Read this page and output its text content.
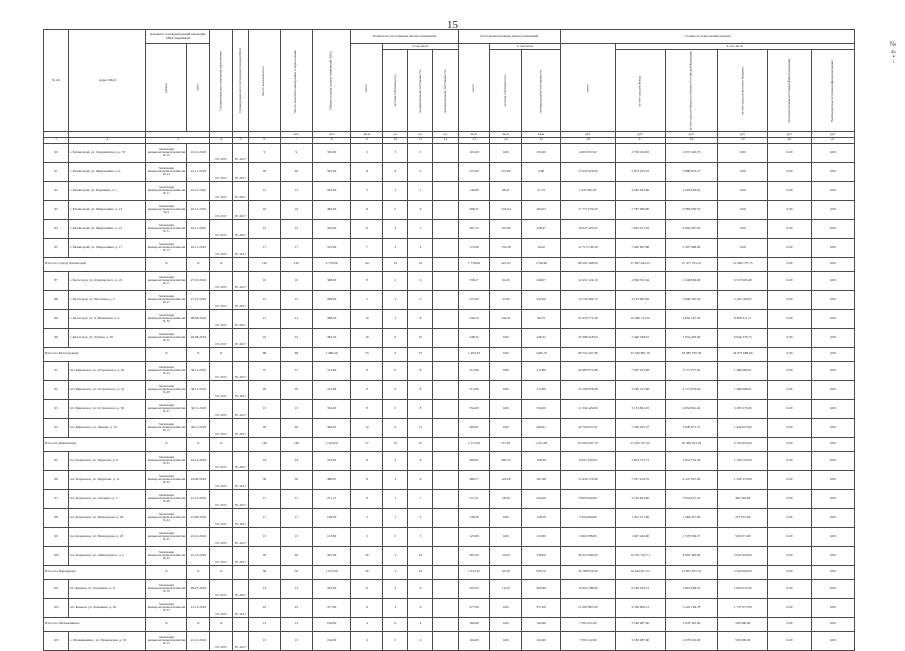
15
№ 4 • ~
№ п/п	Адрес МКД	Документ, подтверждающий признание МКД аварийным		Планируемая дата окончания переселения	Планируемая дата сноса/реконструкции МКД	Число жителей всего	Число жителей планируемых к переселению	Общая площадь жилых помещений МКД	Количество расселяемых жилых помещений				Расселяемая площадь жилых помещений			Стоимость переселения граждан					
		Номер	Дата						всего	в том числе			всего	в том числе		всего	в том числе				
										частная собственность	муниципальная собственность	муниципальная собственность		частная собственность	муниципальная собственность		за счет средств Фонда	за счет средств бюджета субъекта Российской Федерации	за счет средств местного бюджета	Дополнительные источники финансирования	Внебюджетные источники финансирования
							чел.	чел.	кв.м	ед.	ед.	ед.	кв.м	кв.м	кв.м	руб.	руб.	руб.	руб.	руб.	руб.
1	2	3		4	5	6	7	8	9	10	11	12	13	14	15	16	17	18	19	20	21
90	г. Бахчисарай, ул. Дзержинского, д. 76	Заключение межведомственной комиссии № 10	01.11.2016	IV. 2017	IV. 2017	9	9	356,90	3	3	0		163,60	0,00	163,60	4 665 837,62	2 728 410,83	1 937 426,79	0,00	0,00	0,00
91	г. Бахчисарай, ул. Мирошника, д. 6	Заключение межведомственной комиссии № 24	01.11.2016	IV. 2017	IV. 2017	26	26	563,00	8	8	0		272,00	272,00	0,00	11 635 616,06	5 673 165,25	2 888 872,27	0,00	0,00	0,00
92	г. Бахчисарай, ул. Радищева, д. 1	Заключение межведомственной комиссии № 11	01.11.2016	IV. 2017	IV. 2017	15	15	292,00	3	2	1		149,80	98,47	51,33	5 247 661,87	3 045 025,06	2 202 636,81	0,00	0,00	0,00
93	г. Бахчисарай, ул. Мирошника, д. 13	Заключение межведомственной комиссии № 9	01.11.2016	IV. 2017	IV. 2017	19	19	483,00	11	5	6		498,27	233,04	265,03	17 771 076,43	7 787 096,90	9 983 979,53	0,00	0,00	0,00
94	г. Бахчисарай, ул. Мирошника, д. 15	Заключение межведомственной комиссии № 11	01.11.2016	IV. 2017	IV. 2017	15	15	326,40	11	4	7		391,55	153,08	238,47	16 047 425,05	7 045 017,42	9 002 407,63	0,00	0,00	0,00
95	г. Бахчисарай, ул. Мирошника, д. 17	Заключение межведомственной комиссии № 13	01.11.2016	IV. 2017	IV. 2017	17	17	523,00	7	3	4		172,90	153,28	19,62	12 713 736,58	7 405 827,68	5 307 908,90	0,00	0,00	0,00
Итого по городу Бахчисарай		X	X	X		120	120	2 735,00	44	25	19		1 738,99	421,03	1 318,00	68 291 508,00	37 647 044,15	27 477 531,12	12 600 175,73	0,00	0,00
87	г. Белогорск, ул. Луначарского, д. 22	Заключение межведомственной комиссии № 11	27.10.2016	IV. 2017	IV. 2017	10	10	368,00	8	2	6		338,27	92,20	246,07	12 452 124,10	4 590 325,64	1 346 836,00	6 515 963,46	0,00	0,00
88	г. Белогорск, ул. Нагорная, д. 5	Заключение межведомственной комиссии № 27	27.10.2016	IV. 2017	IV. 2017	15	15	298,90	5	2	3		272,00	37,00	235,00	10 736 304,15	4 125 962,82	2 609 361,59	3 162 162,87	0,00	0,00
89	г. Белогорск, ул. Л. Шевченко, д. 4	Заключение межведомственной комиссии № 30	08.09.2016	IV. 2017	IV. 2017	21	21	388,20	10	2	8		340,74	244,41	96,33	23 418 771,29	10 296 133,52	4 654 327,42	8 468 311,71	0,00	0,00
90	г. Белогорск, ул. Лугина, д. 56	Заключение межведомственной комиссии № 52	26.08.2016	IV. 2017	IV. 2017	22	22	383,20	10	0	10		448,32	0,00	448,32	20 398 218,64	7 449 438,91	5 654 403,00	6 944 376,73	0,00	0,00
Итого по Белогорскому		X	X	X		68	68	1 480,20	33	6	27		1 400,33	0,00	1 400,33	66 724 437,98	23 540 881,70	18 085 670,59	24 973 088,60	0,00	0,00
91	пгт Кировское, ул. Островского, д. 26	Заключение межведомственной комиссии № 24	30.11.2016	IV. 2017	IV. 2017	37	37	312,80	8	0	8		312,80	0,00	312,80	20 485 073,98	7 267 913,38	3 171 077,62	1 486 089,01	0,00	0,00
92	пгт Кировское, ул. Островского, д. 32	Заключение межведомственной комиссии № 28	30.11.2016	IV. 2017	IV. 2017	20	20	312,80	8	0	8		312,80	0,00	312,80	10 196 878,08	3 262 315,98	4 171 874,62	1 486 089,01	0,00	0,00
93	пгт Кировское, ул. Островского, д. 30	Заключение межведомственной комиссии № 27	30.11.2016	IV. 2017	IV. 2017	13	13	354,00	8	0	8		354,00	0,00	354,00	11 342 429,00	3 133 841,03	4 652 841,04	3 185 275,00	0,00	0,00
94	пгт Кировское, ул. Ленина, д. 79	Заключение межведомственной комиссии № 15	30.11.2016	IV. 2017	IV. 2017	26	26	446,81	12	0	12		460,61	0,00	460,61	24 700 627,01	7 430 935,37	5 040 871,37	1 426 013,00	0,00	0,00
Итого по Кировскому		X	X	X		146	146	2 125,09	57	10	47		2 127,09	515,81	1 611,28	67 094 007,70	23 022 551,35	20 400 031,54	6 700 410,00	0,00	0,00
95	пос Каранское, ул. Зирупова, д. 9	Заключение межведомственной комиссии № 01	24.12.2016	IV. 2017	IV. 2017	24	24	476,82	8	2	6		400,82	292,52	108,30	8 057 342,00	3 854 772,73	3 641 732,43	1 160 733,00	0,00	0,00
96	пос Каранское, ул. Зирупова, д. 11	Заключение межведомственной комиссии № 02	19.09.2016	IV. 2017	IV. 2017	30	30	489,87	8	2	6		489,57	122,09	367,48	13 434 716,99	7 027 419,76	4 547 027,00	1 542 370,00	0,00	0,00
97	пос Каранское, ул. Гагарина, д. 7	Заключение межведомственной комиссии № 08	21.12.2016	IV. 2017	IV. 2017	17	17	271,21	8	1	7		271,21	28,42	242,00	8 965 000,00	4 219 824,00	3 054 817,25	495 344,00	0,00	0,00
98	пос Каранское, ул. Пионерская, д. 20	Заключение межведомственной комиссии № 24	21.09.2016	IV. 2017	IV. 2017	11	11	138,29	3	1	2		138,29	0,00	138,29	3 393 600,00	1 591 471,00	1 464 457,00	337 672,00	0,00	0,00
99	пос Каранское, ул. Пионерская, д. 18	Заключение межведомственной комиссии № 25	24.12.2016	IV. 2017	IV. 2017	13	13	123,80	3	0	3		123,80	0,00	123,80	3 604 388,00	1 497 242,00	1 570 536,57	536 671,00	0,00	0,00
100	пос Каранское, ул. Айвазовского, д. 5	Заключение межведомственной комиссии № 05	22.12.2016	IV. 2017	IV. 2017	26	26	361,00	26	2	24		361,00	22,00	339,00	20 225 000,00	10 031 532,71	8 965 463,00	2 022 943,00	0,00	0,00
Итого по Каранскому		X	X	X		56	56	1 072,90	26	2	24		1 034,10	93,40	939,70	32 789 672,00	16 242 657,12	12 857 027,41	3 220 994,00	0,00	0,00
101	пгт Ковыль, ул. Ломакина, д. 11	Заключение межведомственной комиссии № 10	09.07.2016	IV. 2017	IV. 2017	14	14	505,00	11	2	9		505,23	12,43	492,80	19 924 788,00	6 196 236,13	2 810 608,25	1 085 031,00	0,00	0,00
102	пгт Ковыль, ул. Ломакина, д. 19	Заключение межведомственной комиссии № 23	12.12.2016	IV. 2017	IV. 2017	22	22	477,00	11	2	9		477,00	0,00	477,00	11 905 867,00	4 706 000,12	5 222 109,78	1 737 077,00	0,00	0,00
Итого по Мальчишкино		X	X	X		13	13	164,90	4	0	4		164,90	0,00	164,90	7 393 222,00	3 180 087,00	2 078 301,00	539 000,00	0,00	0,00
103	с. Мальчишкино, ул. Пионерская, д. 35	Заключение межведомственной комиссии № 12	21.12.2016	IV. 2017	IV. 2017	13	13	164,90	4	0	4		164,90	0,00	164,90	7 393 222,00	3 180 087,00	2 078 301,00	539 000,00	0,00	0,00
